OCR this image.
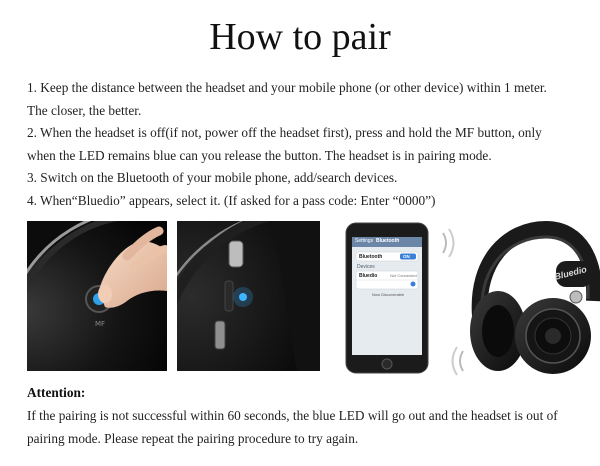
How to pair
1. Keep the distance between the headset and your mobile phone (or other device) within 1 meter.
The closer, the better.
2. When the headset is off(if not, power off the headset first), press and hold the MF button, only
when the LED remains blue can you release the button. The headset is in pairing mode.
3. Switch on the Bluetooth of your mobile phone, add/search devices.
4. When“Bluedio” appears, select it. (If asked for a pass code: Enter “0000”)
MF
Settings Bluetooth
Bluetooth	ON
Devices
Bluedio	Not Connected
Now Discoverable
Bluedio
Attention:
If the pairing is not successful within 60 seconds, the blue LED will go out and the headset is out of
pairing mode. Please repeat the pairing procedure to try again.
